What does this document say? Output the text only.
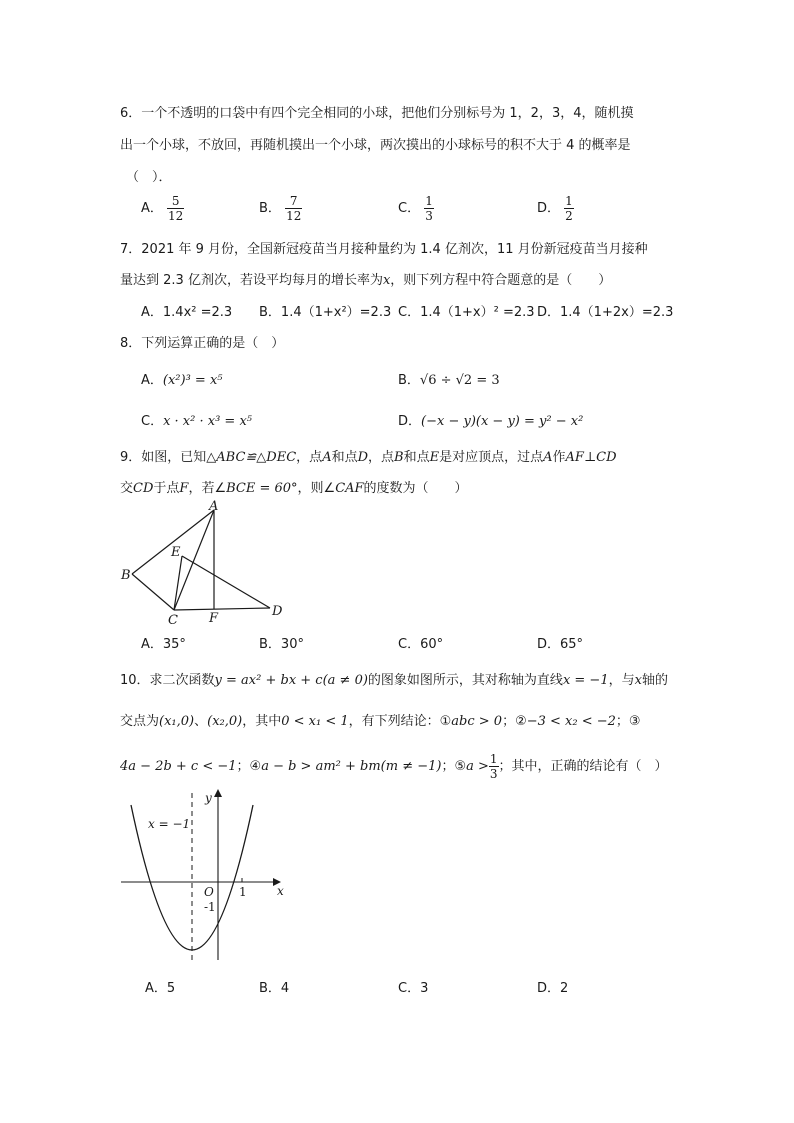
6．一个不透明的口袋中有四个完全相同的小球，把他们分别标号为 1，2，3，4，随机摸
出一个小球，不放回，再随机摸出一个小球，两次摸出的小球标号的积不大于 4 的概率是
（　）．
A． $\frac{5}{12}$	B． $\frac{7}{12}$	C． $\frac{1}{3}$	D． $\frac{1}{2}$
7．2021 年 9 月份，全国新冠疫苗当月接种量约为 1.4 亿剂次，11 月份新冠疫苗当月接种
量达到 2.3 亿剂次，若设平均每月的增长率为x，则下列方程中符合题意的是（　　）
A．1.4x² =2.3 B．1.4（1+x²）=2.3 C．1.4（1+x）² =2.3 D．1.4（1+2x）=2.3
8．下列运算正确的是（　）
A．(x²)³ = x⁵	B．√6 ÷ √2 = 3
C．x · x² · x³ = x⁵	D．(−x − y)(x − y) = y² − x²
9．如图，已知△ABC≌△DEC，点A和点D，点B和点E是对应顶点，过点A作AF⊥CD
交CD于点F，若∠BCE = 60°，则∠CAF的度数为（　　）
A
B
C
D
E
F
A．35°	B．30°	C．60°	D．65°
10．求二次函数y = ax² + bx + c(a ≠ 0)的图象如图所示，其对称轴为直线x = −1，与x轴的
交点为(x₁,0)、(x₂,0)，其中0 < x₁ < 1，有下列结论：①abc > 0；②−3 < x₂ < −2；③
4a − 2b + c < −1；④a − b > am² + bm(m ≠ −1)；⑤a > $\frac{1}{3}$ ；其中，正确的结论有（　）
x = −1
y
x
O 1
-1
A．5	B．4	C．3	D．2
